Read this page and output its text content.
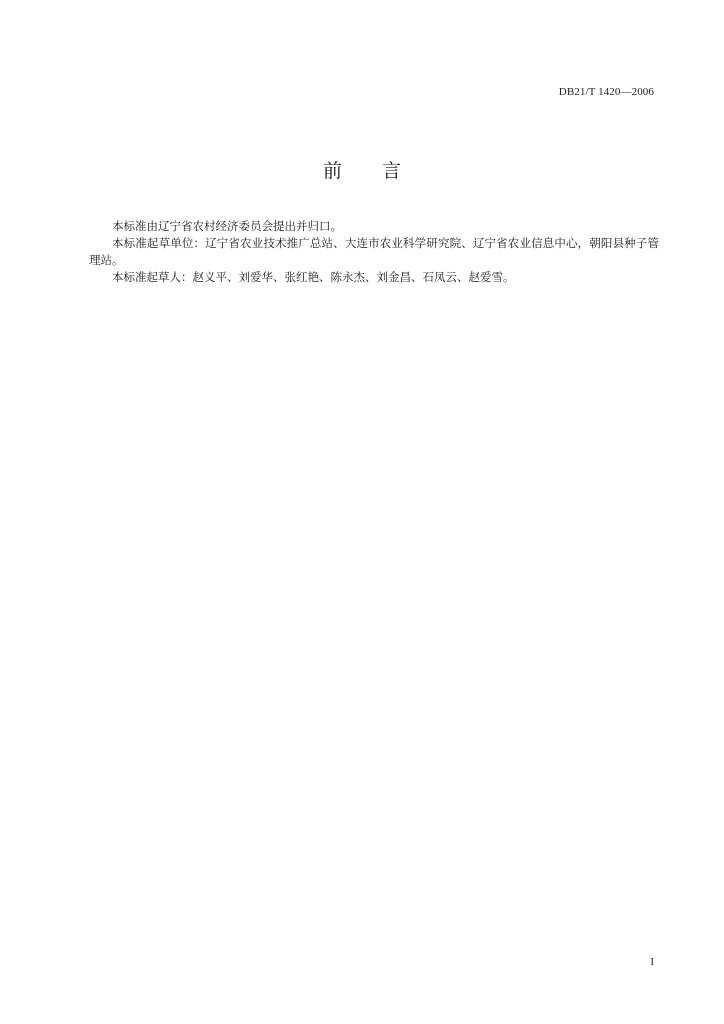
DB21/T 1420—2006
前 言

本标准由辽宁省农村经济委员会提出并归口。

本标准起草单位：辽宁省农业技术推广总站、大连市农业科学研究院、辽宁省农业信息中心，朝阳县种子管理站。

本标准起草人：赵义平、刘爱华、张红艳、陈永杰、刘金昌、石凤云、赵爱雪。

I
